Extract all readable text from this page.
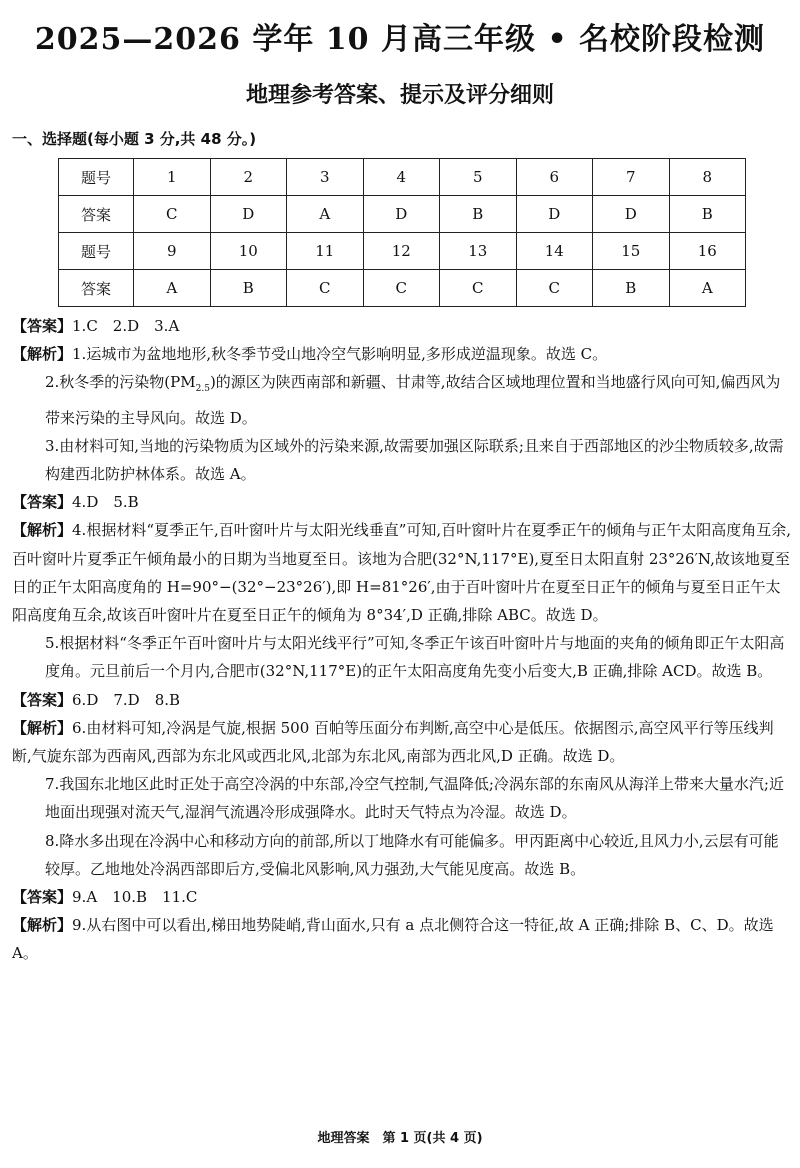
2025—2026 学年 10 月高三年级 • 名校阶段检测
地理参考答案、提示及评分细则
一、选择题(每小题 3 分,共 48 分。)
题号	1	2	3	4	5	6	7	8
答案	C	D	A	D	B	D	D	B
题号	9	10	11	12	13	14	15	16
答案	A	B	C	C	C	C	B	A

【答案】1.C　2.D　3.A

【解析】1.运城市为盆地地形,秋冬季节受山地冷空气影响明显,多形成逆温现象。故选 C。

2.秋冬季的污染物$(PM_{2.5})$的源区为陕西南部和新疆、甘肃等,故结合区域地理位置和当地盛行风向可知,偏西风为带来污染的主导风向。故选 D。

3.由材料可知,当地的污染物质为区域外的污染来源,故需要加强区际联系;且来自于西部地区的沙尘物质较多,故需构建西北防护林体系。故选 A。

【答案】4.D　5.B

【解析】4.根据材料“夏季正午,百叶窗叶片与太阳光线垂直”可知,百叶窗叶片在夏季正午的倾角与正午太阳高度角互余,百叶窗叶片夏季正午倾角最小的日期为当地夏至日。该地为合肥(32°N,117°E),夏至日太阳直射 23°26′N,故该地夏至日的正午太阳高度角的 H=90°−(32°−23°26′),即 H=81°26′,由于百叶窗叶片在夏至日正午的倾角与夏至日正午太阳高度角互余,故该百叶窗叶片在夏至日正午的倾角为 8°34′,D 正确,排除 ABC。故选 D。

5.根据材料“冬季正午百叶窗叶片与太阳光线平行”可知,冬季正午该百叶窗叶片与地面的夹角的倾角即正午太阳高度角。元旦前后一个月内,合肥市(32°N,117°E)的正午太阳高度角先变小后变大,B 正确,排除 ACD。故选 B。

【答案】6.D　7.D　8.B

【解析】6.由材料可知,冷涡是气旋,根据 500 百帕等压面分布判断,高空中心是低压。依据图示,高空风平行等压线判断,气旋东部为西南风,西部为东北风或西北风,北部为东北风,南部为西北风,D 正确。故选 D。

7.我国东北地区此时正处于高空冷涡的中东部,冷空气控制,气温降低;冷涡东部的东南风从海洋上带来大量水汽;近地面出现强对流天气,湿润气流遇冷形成强降水。此时天气特点为冷湿。故选 D。

8.降水多出现在冷涡中心和移动方向的前部,所以丁地降水有可能偏多。甲丙距离中心较近,且风力小,云层有可能较厚。乙地地处冷涡西部即后方,受偏北风影响,风力强劲,大气能见度高。故选 B。

【答案】9.A　10.B　11.C

【解析】9.从右图中可以看出,梯田地势陡峭,背山面水,只有 a 点北侧符合这一特征,故 A 正确;排除 B、C、D。故选 A。

地理答案　第 1 页(共 4 页)
